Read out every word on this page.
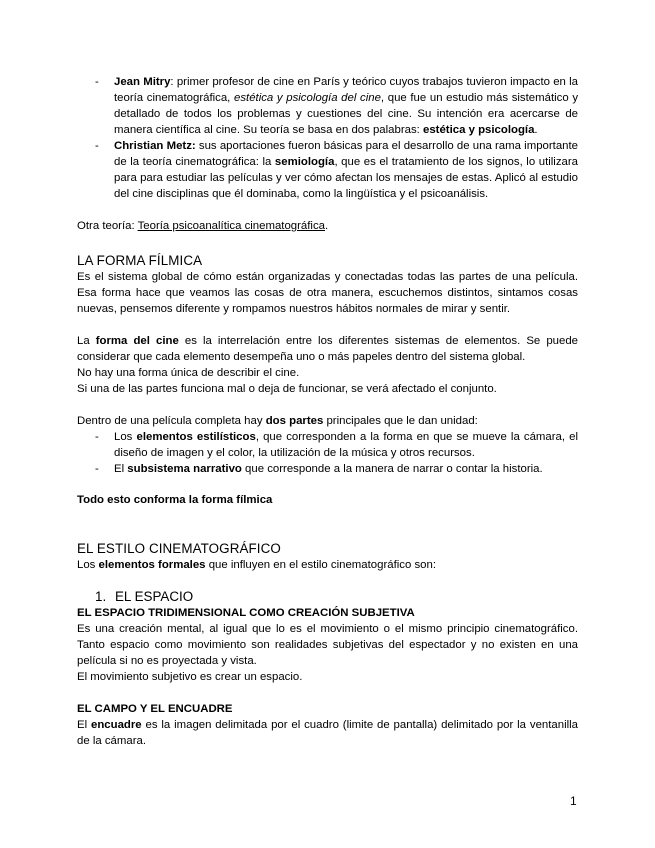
- Jean Mitry: primer profesor de cine en París y teórico cuyos trabajos tuvieron impacto en la teoría cinematográfica, estética y psicología del cine, que fue un estudio más sistemático y detallado de todos los problemas y cuestiones del cine. Su intención era acercarse de manera científica al cine. Su teoría se basa en dos palabras: estética y psicología.
- Christian Metz: sus aportaciones fueron básicas para el desarrollo de una rama importante de la teoría cinematográfica: la semiología, que es el tratamiento de los signos, lo utilizara para para estudiar las películas y ver cómo afectan los mensajes de estas. Aplicó al estudio del cine disciplinas que él dominaba, como la lingüística y el psicoanálisis.

Otra teoría: Teoría psicoanalítica cinematográfica.

LA FORMA FÍLMICA

Es el sistema global de cómo están organizadas y conectadas todas las partes de una película. Esa forma hace que veamos las cosas de otra manera, escuchemos distintos, sintamos cosas nuevas, pensemos diferente y rompamos nuestros hábitos normales de mirar y sentir.

La forma del cine es la interrelación entre los diferentes sistemas de elementos. Se puede considerar que cada elemento desempeña uno o más papeles dentro del sistema global.

No hay una forma única de describir el cine.

Si una de las partes funciona mal o deja de funcionar, se verá afectado el conjunto.

Dentro de una película completa hay dos partes principales que le dan unidad:

- Los elementos estilísticos, que corresponden a la forma en que se mueve la cámara, el diseño de imagen y el color, la utilización de la música y otros recursos.
- El subsistema narrativo que corresponde a la manera de narrar o contar la historia.

Todo esto conforma la forma fílmica

EL ESTILO CINEMATOGRÁFICO

Los elementos formales que influyen en el estilo cinematográfico son:

1. EL ESPACIO

EL ESPACIO TRIDIMENSIONAL COMO CREACIÓN SUBJETIVA

Es una creación mental, al igual que lo es el movimiento o el mismo principio cinematográfico. Tanto espacio como movimiento son realidades subjetivas del espectador y no existen en una película si no es proyectada y vista.

El movimiento subjetivo es crear un espacio.

EL CAMPO Y EL ENCUADRE

El encuadre es la imagen delimitada por el cuadro (limite de pantalla) delimitado por la ventanilla de la cámara.

1
